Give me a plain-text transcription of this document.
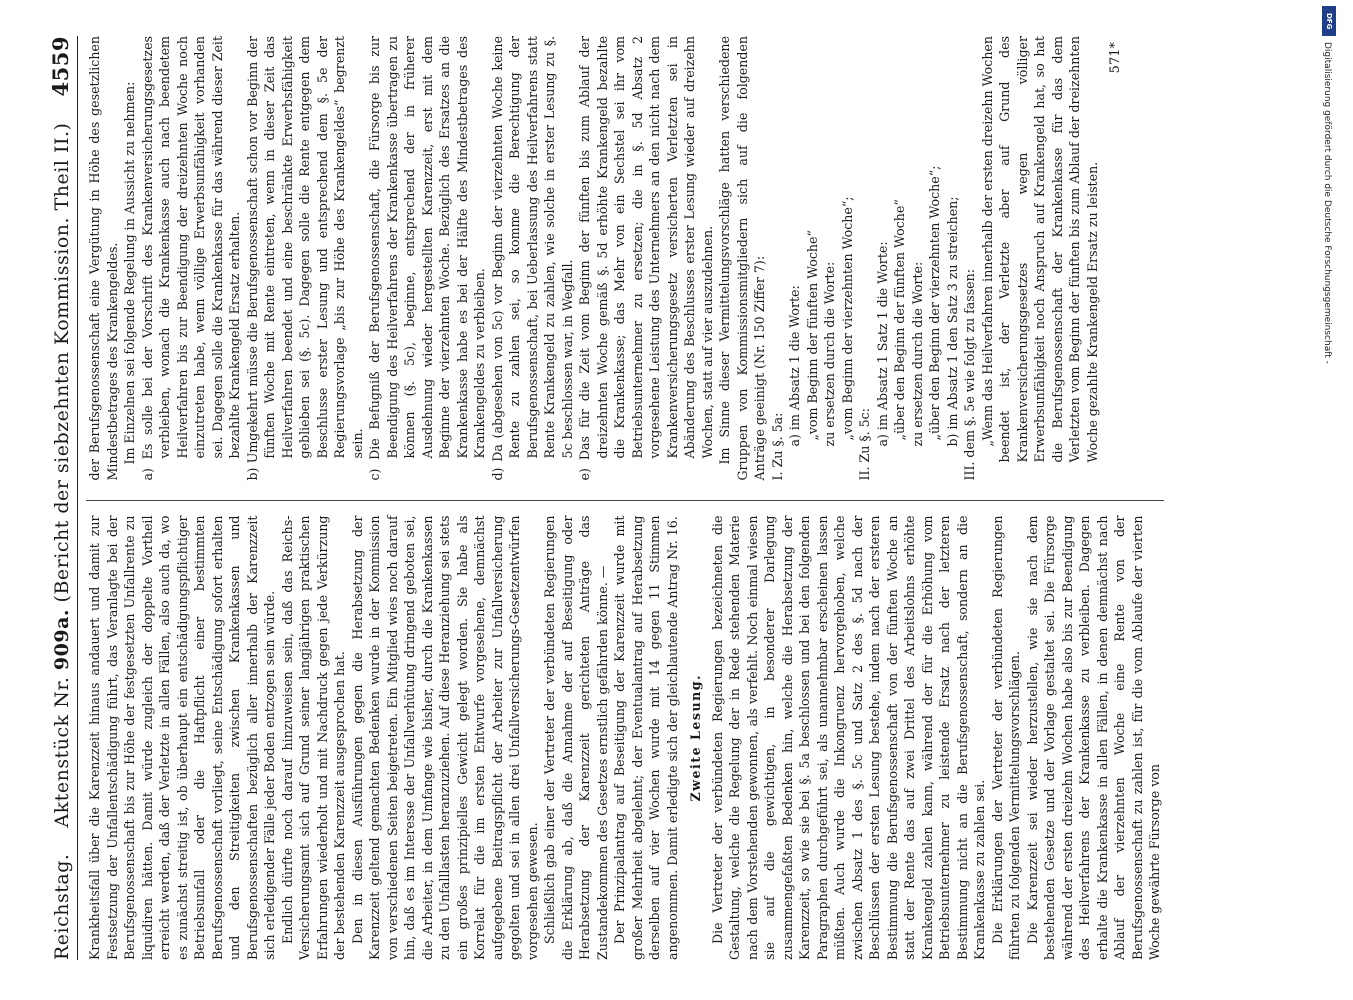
Reichstag.
Aktenstück Nr. 909a. (Bericht der siebzehnten Kommission. Theil II.)
4559

Krankheitsfall über die Karenzzeit hinaus andauert und damit zur Festsetzung der Unfallentschädigung führt, das Veranlagte bei der Berufsgenossenschaft bis zur Höhe der festgesetzten Unfallrente zu liquidiren hätten. Damit würde zugleich der doppelte Vortheil erreicht werden, daß der Verletzte in allen Fällen, also auch da, wo es zunächst streitig ist, ob überhaupt ein entschädigungspflichtiger Betriebsunfall oder die Haftpflicht einer bestimmten Berufsgenossenschaft vorliegt, seine Entschädigung sofort erhalten und den Streitigkeiten zwischen Krankenkassen und Berufsgenossenschaften bezüglich aller innerhalb der Karenzzeit sich erledigender Fälle jeder Boden entzogen sein würde. Endlich dürfte noch darauf hinzuweisen sein, daß das Reichs-Versicherungsamt sich auf Grund seiner langjährigen praktischen Erfahrungen wiederholt und mit Nachdruck gegen jede Verkürzung der bestehenden Karenzzeit ausgesprochen hat. Den in diesen Ausführungen gegen die Herabsetzung der Karenzzeit geltend gemachten Bedenken wurde in der Kommission von verschiedenen Seiten beigetreten. Ein Mitglied wies noch darauf hin, daß es im Interesse der Unfallverhütung dringend geboten sei, die Arbeiter, in dem Umfange wie bisher, durch die Krankenkassen zu den Unfalllasten heranzuziehen. Auf diese Heranziehung sei stets ein großes prinzipielles Gewicht gelegt worden. Sie habe als Korrelat für die im ersten Entwurfe vorgesehene, demnächst aufgegebene Beitragspflicht der Arbeiter zur Unfallversicherung gegolten und sei in allen drei Unfallversicherungs-Gesetzentwürfen vorgesehen gewesen. Schließlich gab einer der Vertreter der verbündeten Regierungen die Erklärung ab, daß die Annahme der auf Beseitigung oder Herabsetzung der Karenzzeit gerichteten Anträge das Zustandekommen des Gesetzes ernstlich gefährden könne. — Der Prinzipalantrag auf Beseitigung der Karenzzeit wurde mit großer Mehrheit abgelehnt; der Eventualantrag auf Herabsetzung derselben auf vier Wochen wurde mit 14 gegen 11 Stimmen angenommen. Damit erledigte sich der gleichlautende Antrag Nr. 16. Zweite Lesung. Die Vertreter der verbündeten Regierungen bezeichneten die Gestaltung, welche die Regelung der in Rede stehenden Materie nach dem Vorstehenden gewonnen, als verfehlt. Noch einmal wiesen sie auf die gewichtigen, in besonderer Darlegung zusammengefaßten Bedenken hin, welche die Herabsetzung der Karenzzeit, so wie sie bei §. 5a beschlossen und bei den folgenden Paragraphen durchgeführt sei, als unannehmbar erscheinen lassen müßten. Auch wurde die Inkongruenz hervorgehoben, welche zwischen Absatz 1 des §. 5c und Satz 2 des §. 5d nach der Beschlüssen der ersten Lesung bestehe, indem nach der ersteren Bestimmung die Berufsgenossenschaft von der fünften Woche an statt der Rente das auf zwei Drittel des Arbeitslohns erhöhte Krankengeld zahlen kann, während der für die Erhöhung vom Betriebsunternehmer zu leistende Ersatz nach der letzteren Bestimmung nicht an die Berufsgenossenschaft, sondern an die Krankenkasse zu zahlen sei. Die Erklärungen der Vertreter der verbündeten Regierungen führten zu folgenden Vermittelungsvorschlägen. Die Karenzzeit sei wieder herzustellen, wie sie nach dem bestehenden Gesetze und der Vorlage gestaltet sei. Die Fürsorge während der ersten dreizehn Wochen habe also bis zur Beendigung des Heilverfahrens der Krankenkasse zu verbleiben. Dagegen erhalte die Krankenkasse in allen Fällen, in denen demnächst nach Ablauf der vierzehnten Woche eine Rente von der Berufsgenossenschaft zu zahlen ist, für die vom Ablaufe der vierten Woche gewährte Fürsorge von

der Berufsgenossenschaft eine Vergütung in Höhe des gesetzlichen Mindestbetrages des Krankengeldes. Im Einzelnen sei folgende Regelung in Aussicht zu nehmen: a) Es solle bei der Vorschrift des Krankenversicherungsgesetzes verbleiben, wonach die Krankenkasse auch nach beendetem Heilverfahren bis zur Beendigung der dreizehnten Woche noch einzutreten habe, wenn völlige Erwerbsunfähigkeit vorhanden sei. Dagegen solle die Krankenkasse für das während dieser Zeit bezahlte Krankengeld Ersatz erhalten. b) Umgekehrt müsse die Berufsgenossenschaft schon vor Beginn der fünften Woche mit Rente eintreten, wenn in dieser Zeit das Heilverfahren beendet und eine beschränkte Erwerbsfähigkeit geblieben sei (§. 5c). Dagegen solle die Rente entgegen dem Beschlusse erster Lesung und entsprechend dem §. 5e der Regierungsvorlage „bis zur Höhe des Krankengeldes“ begrenzt sein. c) Die Befugniß der Berufsgenossenschaft, die Fürsorge bis zur Beendigung des Heilverfahrens der Krankenkasse übertragen zu können (§. 5c), beginne, entsprechend der in früherer Ausdehnung wieder hergestellten Karenzzeit, erst mit dem Beginne der vierzehnten Woche. Bezüglich des Ersatzes an die Krankenkasse habe es bei der Hälfte des Mindestbetrages des Krankengeldes zu verbleiben. d) Da (abgesehen von 5c) vor Beginn der vierzehnten Woche keine Rente zu zahlen sei, so komme die Berechtigung der Berufsgenossenschaft, bei Ueberlassung des Heilverfahrens statt Rente Krankengeld zu zahlen, wie solche in erster Lesung zu §. 5c beschlossen war, in Wegfall. e) Das für die Zeit vom Beginn der fünften bis zum Ablauf der dreizehnten Woche gemäß §. 5d erhöhte Krankengeld bezahlte die Krankenkasse; das Mehr von ein Sechstel sei ihr vom Betriebsunternehmer zu ersetzen; die in §. 5d Absatz 2 vorgesehene Leistung des Unternehmers an den nicht nach dem Krankenversicherungsgesetz versicherten Verletzten sei in Abänderung des Beschlusses erster Lesung wieder auf dreizehn Wochen, statt auf vier auszudehnen. Im Sinne dieser Vermittelungsvorschläge hatten verschiedene Gruppen von Kommissionsmitgliedern sich auf die folgenden Anträge geeinigt (Nr. 150 Ziffer 7): I. Zu §. 5a:

a) im Absatz 1 die Worte: „vom Beginn der fünften Woche“ zu ersetzen durch die Worte: „vom Beginn der vierzehnten Woche“;

II. Zu §. 5c: a) im Absatz 1 Satz 1 die Worte: „über den Beginn der fünften Woche“ zu ersetzen durch die Worte: „über den Beginn der vierzehnten Woche“; b) im Absatz 1 den Satz 3 zu streichen; III. dem §. 5e wie folgt zu fassen: „Wenn das Heilverfahren innerhalb der ersten dreizehn Wochen beendet ist, der Verletzte aber auf Grund des Krankenversicherungsgesetzes wegen völliger Erwerbsunfähigkeit noch Anspruch auf Krankengeld hat, so hat die Berufsgenossenschaft der Krankenkasse für das dem Verletzten vom Beginn der fünften bis zum Ablauf der dreizehnten Woche gezahlte Krankengeld Ersatz zu leisten.

571*
DFG
Digitalisierung gefördert durch die Deutsche Forschungsgemeinschaft -
